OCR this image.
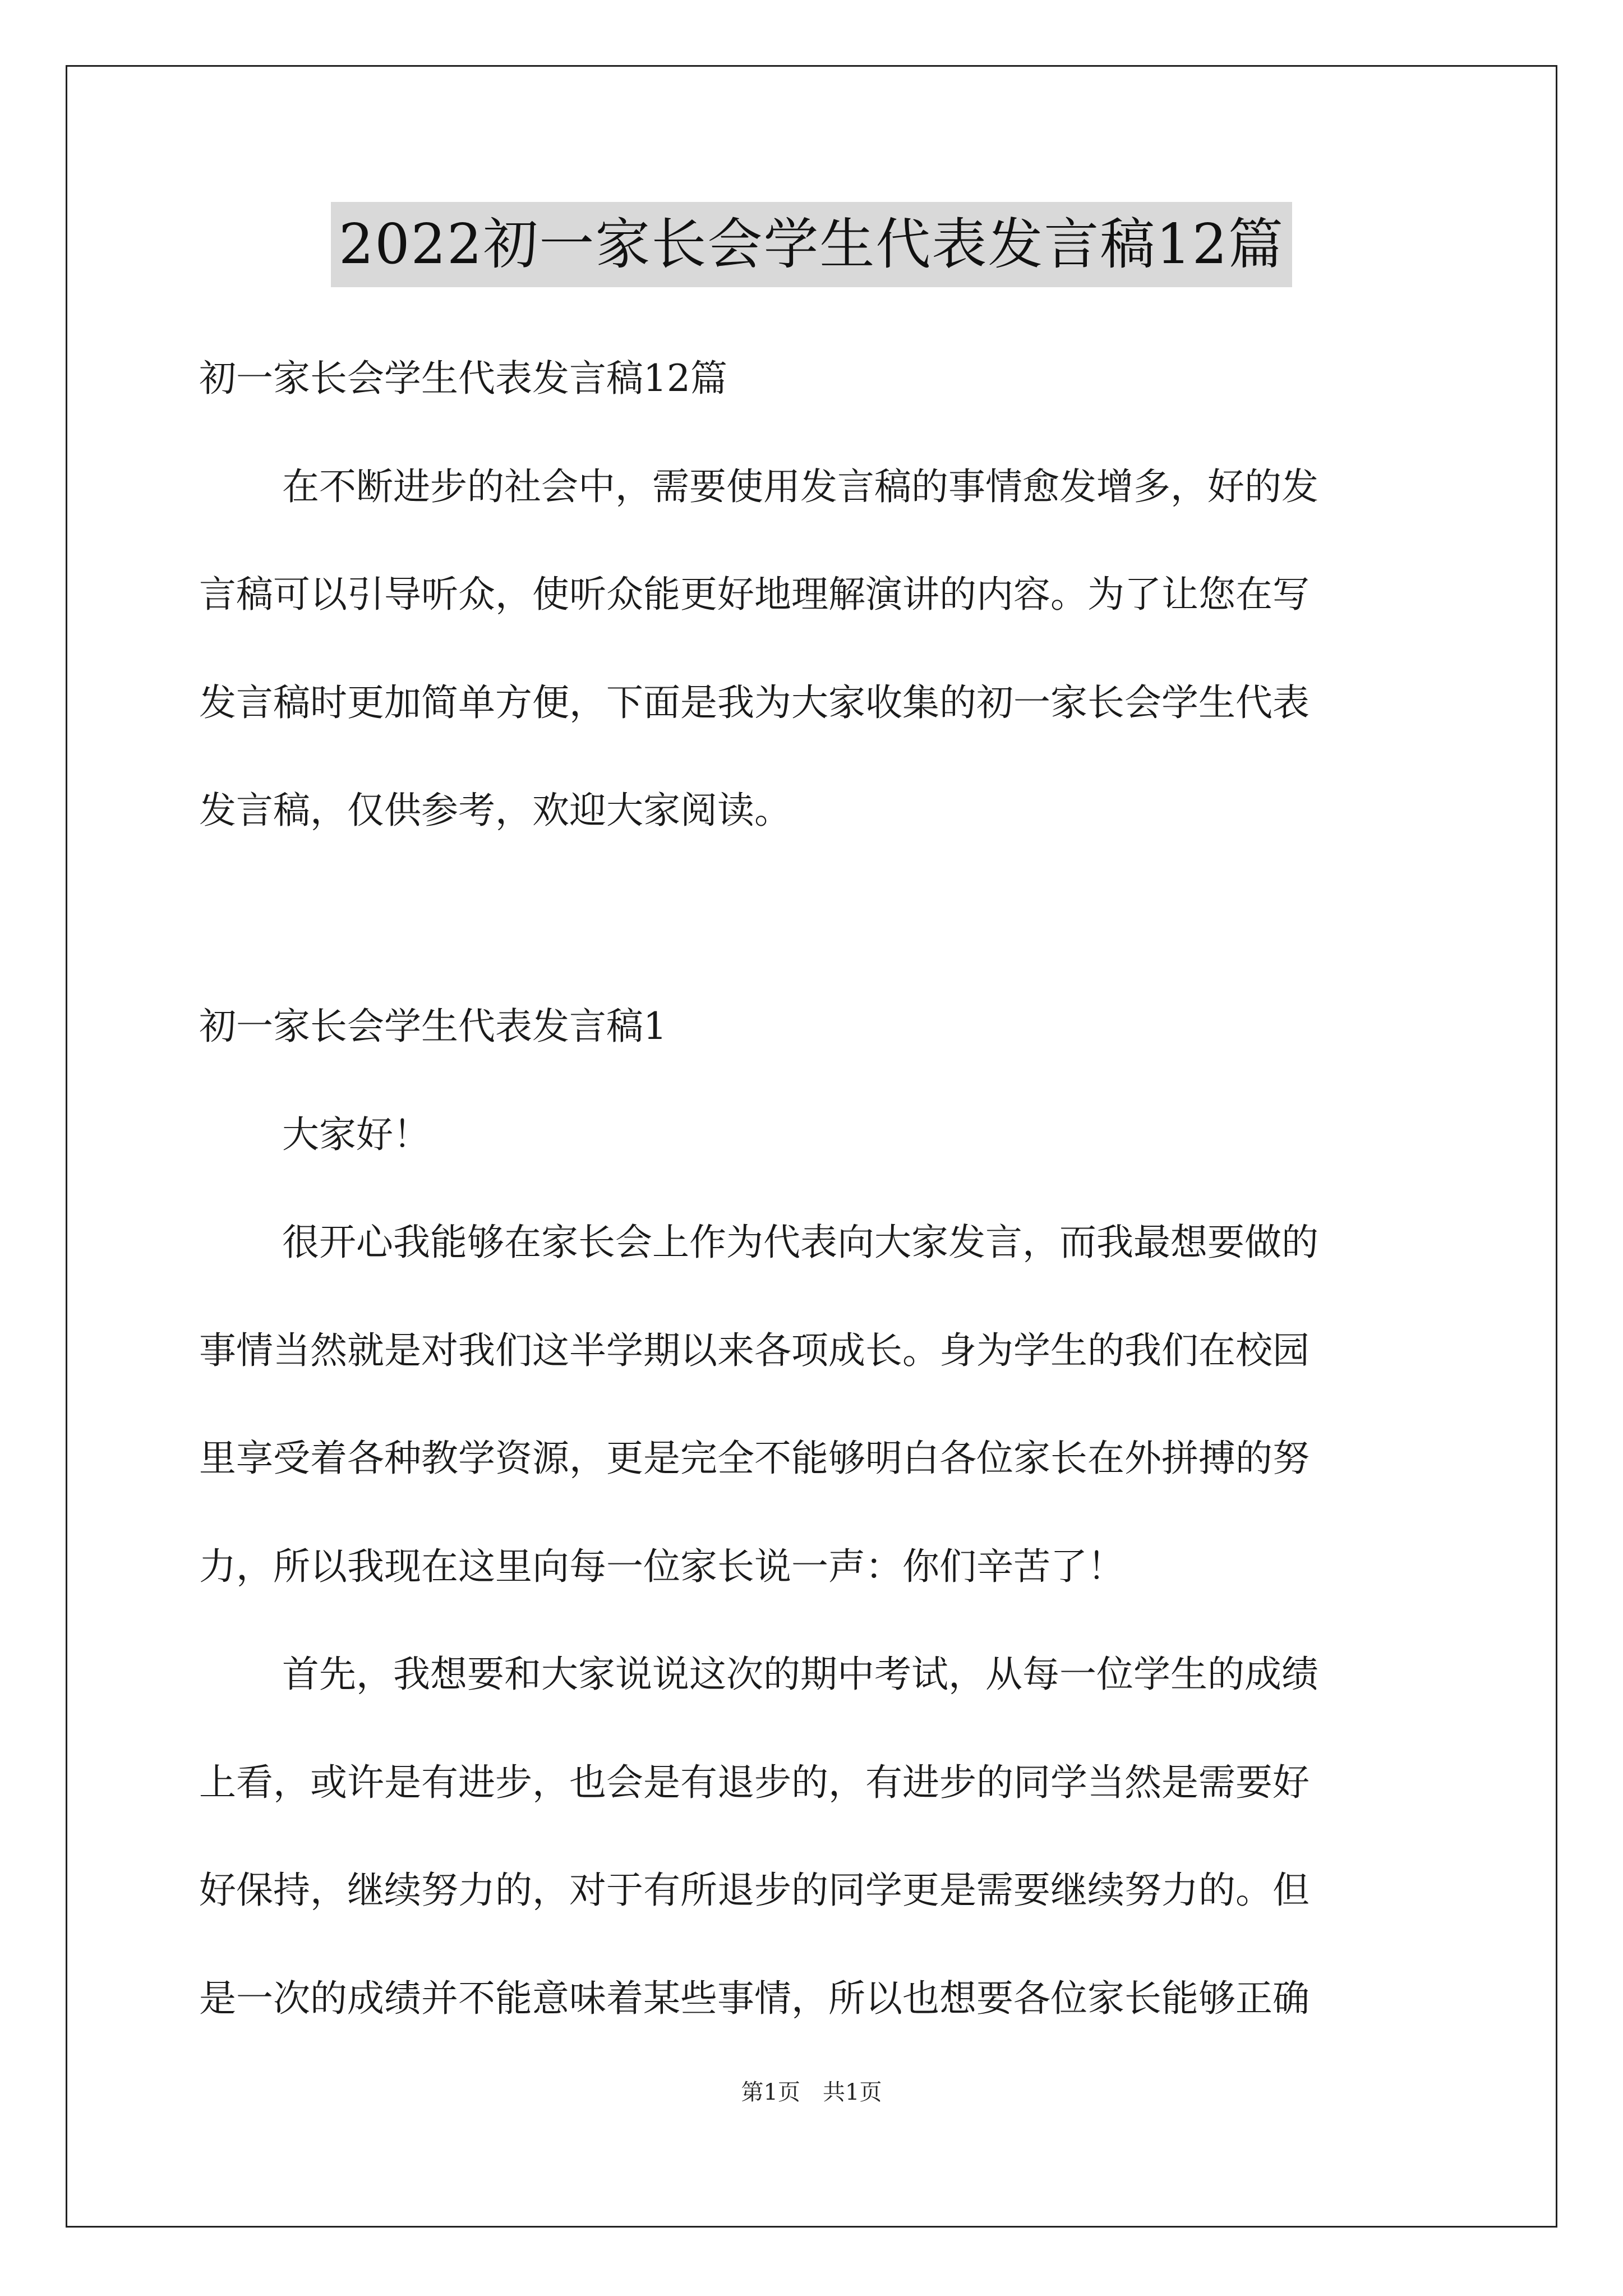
2022初一家长会学生代表发言稿12篇
初一家长会学生代表发言稿12篇
在不断进步的社会中，需要使用发言稿的事情愈发增多，好的发
言稿可以引导听众，使听众能更好地理解演讲的内容。为了让您在写
发言稿时更加简单方便，下面是我为大家收集的初一家长会学生代表
发言稿，仅供参考，欢迎大家阅读。
初一家长会学生代表发言稿1
大家好！
很开心我能够在家长会上作为代表向大家发言，而我最想要做的
事情当然就是对我们这半学期以来各项成长。身为学生的我们在校园
里享受着各种教学资源，更是完全不能够明白各位家长在外拼搏的努
力，所以我现在这里向每一位家长说一声：你们辛苦了！
首先，我想要和大家说说这次的期中考试，从每一位学生的成绩
上看，或许是有进步，也会是有退步的，有进步的同学当然是需要好
好保持，继续努力的，对于有所退步的同学更是需要继续努力的。但
是一次的成绩并不能意味着某些事情，所以也想要各位家长能够正确
第1页　共1页
